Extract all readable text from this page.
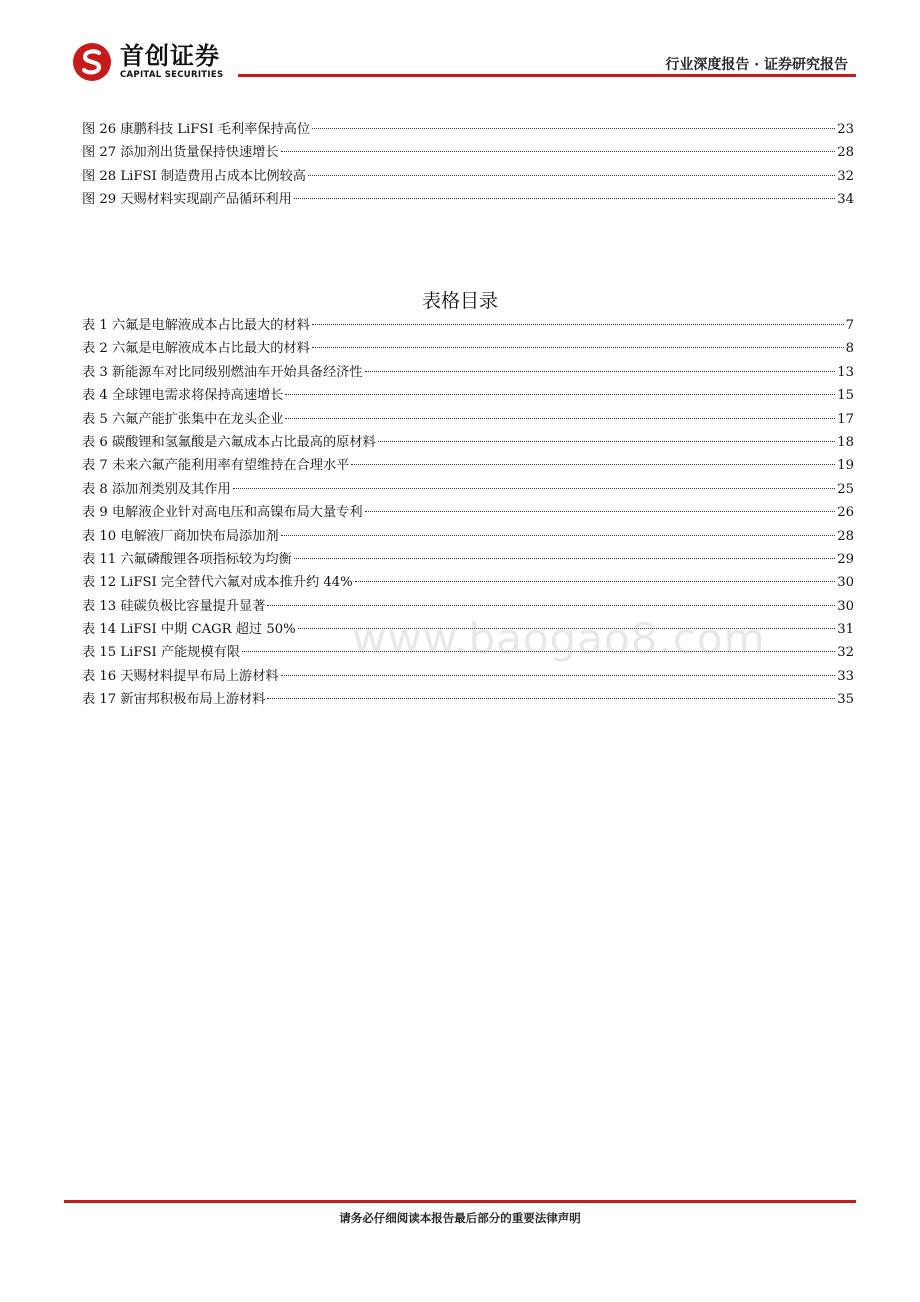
首创证券
CAPITAL SECURITIES
行业深度报告 · 证券研究报告
图 26 康鹏科技 LiFSI 毛利率保持高位	23
图 27 添加剂出货量保持快速增长	28
图 28 LiFSI 制造费用占成本比例较高	32
图 29 天赐材料实现副产品循环利用	34
表格目录
表 1 六氟是电解液成本占比最大的材料	7
表 2 六氟是电解液成本占比最大的材料	8
表 3 新能源车对比同级别燃油车开始具备经济性	13
表 4 全球锂电需求将保持高速增长	15
表 5 六氟产能扩张集中在龙头企业	17
表 6 碳酸锂和氢氟酸是六氟成本占比最高的原材料	18
表 7 未来六氟产能利用率有望维持在合理水平	19
表 8 添加剂类别及其作用	25
表 9 电解液企业针对高电压和高镍布局大量专利	26
表 10 电解液厂商加快布局添加剂	28
表 11 六氟磷酸锂各项指标较为均衡	29
表 12 LiFSI 完全替代六氟对成本推升约 44%	30
表 13 硅碳负极比容量提升显著	30
表 14 LiFSI 中期 CAGR 超过 50%	31
表 15 LiFSI 产能规模有限	32
表 16 天赐材料提早布局上游材料	33
表 17 新宙邦积极布局上游材料	35
www.baogao8.com
请务必仔细阅读本报告最后部分的重要法律声明
